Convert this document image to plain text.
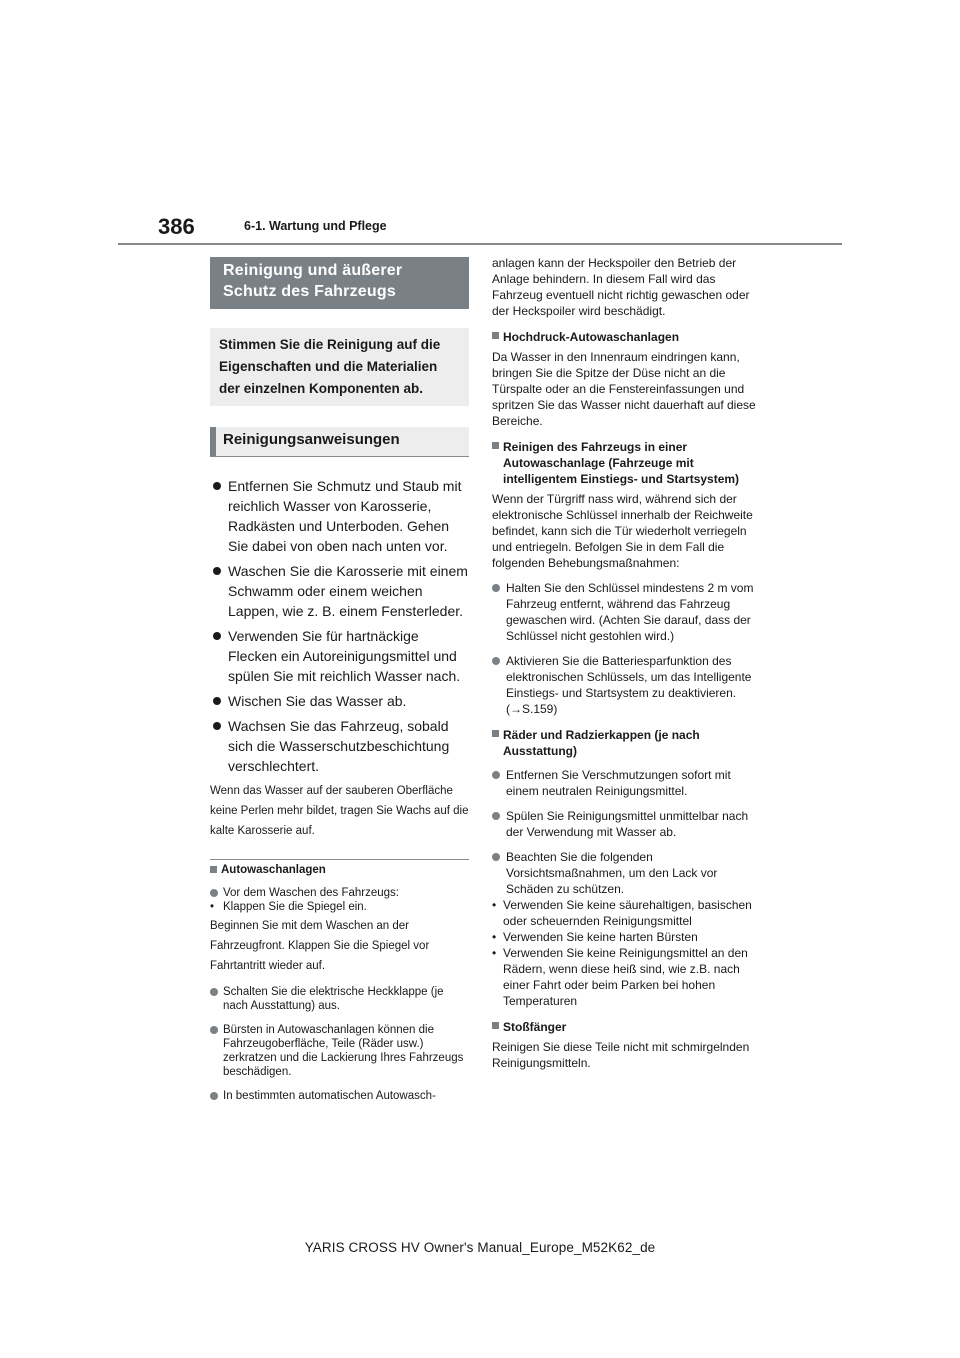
386	6-1. Wartung und Pflege
Reinigung und äußerer Schutz des Fahrzeugs
Stimmen Sie die Reinigung auf die Eigenschaften und die Materialien der einzelnen Komponenten ab.
Reinigungsanweisungen
Entfernen Sie Schmutz und Staub mit reichlich Wasser von Karosserie, Radkästen und Unterboden. Gehen Sie dabei von oben nach unten vor.
Waschen Sie die Karosserie mit einem Schwamm oder einem weichen Lappen, wie z. B. einem Fensterleder.
Verwenden Sie für hartnäckige Flecken ein Autoreinigungsmittel und spülen Sie mit reichlich Wasser nach.
Wischen Sie das Wasser ab.
Wachsen Sie das Fahrzeug, sobald sich die Wasserschutzbeschichtung verschlechtert.
Wenn das Wasser auf der sauberen Oberfläche keine Perlen mehr bildet, tragen Sie Wachs auf die kalte Karosserie auf.
Autowaschanlagen
Vor dem Waschen des Fahrzeugs:
• Klappen Sie die Spiegel ein.
Beginnen Sie mit dem Waschen an der Fahrzeugfront. Klappen Sie die Spiegel vor Fahrtantritt wieder auf.
Schalten Sie die elektrische Heckklappe (je nach Ausstattung) aus.
Bürsten in Autowaschanlagen können die Fahrzeugoberfläche, Teile (Räder usw.) zerkratzen und die Lackierung Ihres Fahrzeugs beschädigen.
In bestimmten automatischen Autowasch-

anlagen kann der Heckspoiler den Betrieb der Anlage behindern. In diesem Fall wird das Fahrzeug eventuell nicht richtig gewaschen oder der Heckspoiler wird beschädigt.

Hochdruck-Autowaschanlagen

Da Wasser in den Innenraum eindringen kann, bringen Sie die Spitze der Düse nicht an die Türspalte oder an die Fenstereinfassungen und spritzen Sie das Wasser nicht dauerhaft auf diese Bereiche.

Reinigen des Fahrzeugs in einer Autowaschanlage (Fahrzeuge mit intelligentem Einstiegs- und Startsystem)

Wenn der Türgriff nass wird, während sich der elektronische Schlüssel innerhalb der Reichweite befindet, kann sich die Tür wiederholt verriegeln und entriegeln. Befolgen Sie in dem Fall die folgenden Behebungsmaßnahmen:

Halten Sie den Schlüssel mindestens 2 m vom Fahrzeug entfernt, während das Fahrzeug gewaschen wird. (Achten Sie darauf, dass der Schlüssel nicht gestohlen wird.)
Aktivieren Sie die Batteriesparfunktion des elektronischen Schlüssels, um das Intelligente Einstiegs- und Startsystem zu deaktivieren. (→S.159)
Räder und Radzierkappen (je nach Ausstattung)
Entfernen Sie Verschmutzungen sofort mit einem neutralen Reinigungsmittel.
Spülen Sie Reinigungsmittel unmittelbar nach der Verwendung mit Wasser ab.
Beachten Sie die folgenden Vorsichtsmaßnahmen, um den Lack vor Schäden zu schützen.
• Verwenden Sie keine säurehaltigen, basischen oder scheuernden Reinigungsmittel
• Verwenden Sie keine harten Bürsten
• Verwenden Sie keine Reinigungsmittel an den Rädern, wenn diese heiß sind, wie z.B. nach einer Fahrt oder beim Parken bei hohen Temperaturen
Stoßfänger

Reinigen Sie diese Teile nicht mit schmirgelnden Reinigungsmitteln.

YARIS CROSS HV Owner's Manual_Europe_M52K62_de
